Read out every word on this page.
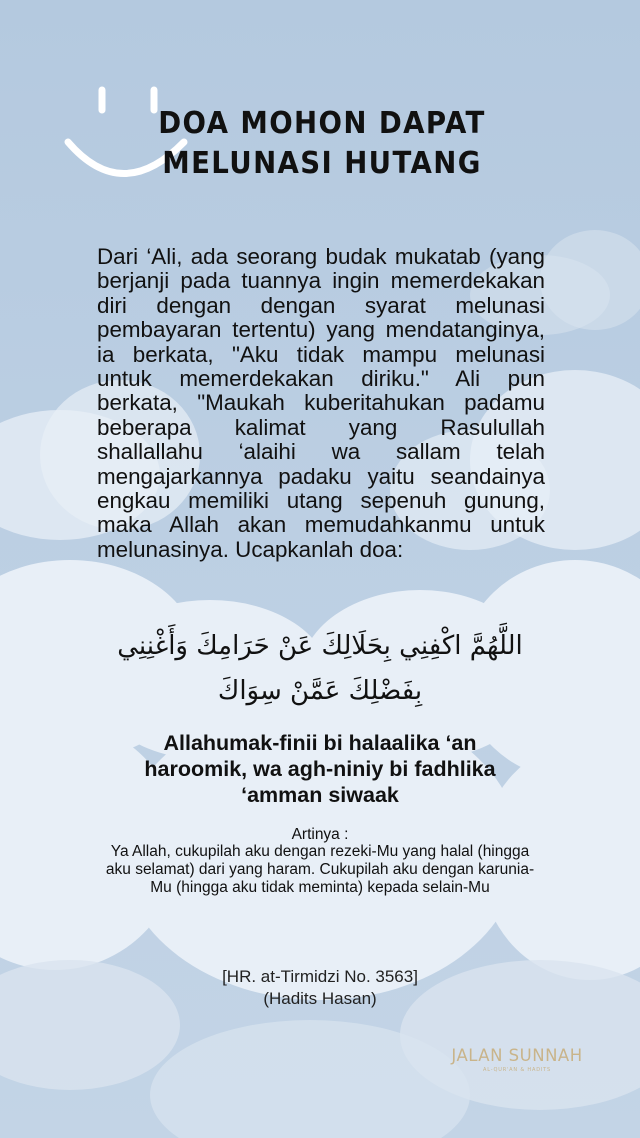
DOA MOHON DAPAT
MELUNASI HUTANG
Dari ‘Ali, ada seorang budak mukatab (yang berjanji pada tuannya ingin memerdekakan diri dengan dengan syarat melunasi pembayaran tertentu) yang mendatanginya, ia berkata, "Aku tidak mampu melunasi untuk memerdekakan diriku." Ali pun berkata, "Maukah kuberitahukan padamu beberapa kalimat yang Rasulullah shallallahu ‘alaihi wa sallam telah mengajarkannya padaku yaitu seandainya engkau memiliki utang sepenuh gunung, maka Allah akan memudahkanmu untuk melunasinya. Ucapkanlah doa:
اللَّهُمَّ اكْفِنِي بِحَلَالِكَ عَنْ حَرَامِكَ وَأَغْنِنِي بِفَضْلِكَ عَمَّنْ سِوَاكَ
Allahumak-finii bi halaalika ‘an haroomik, wa agh-niniy bi fadhlika ‘amman siwaak
Artinya :
Ya Allah, cukupilah aku dengan rezeki-Mu yang halal (hingga aku selamat) dari yang haram. Cukupilah aku dengan karunia-Mu (hingga aku tidak meminta) kepada selain-Mu
[HR. at-Tirmidzi No. 3563]
(Hadits Hasan)
JALAN SUNNAH
AL-QUR'AN & HADITS
